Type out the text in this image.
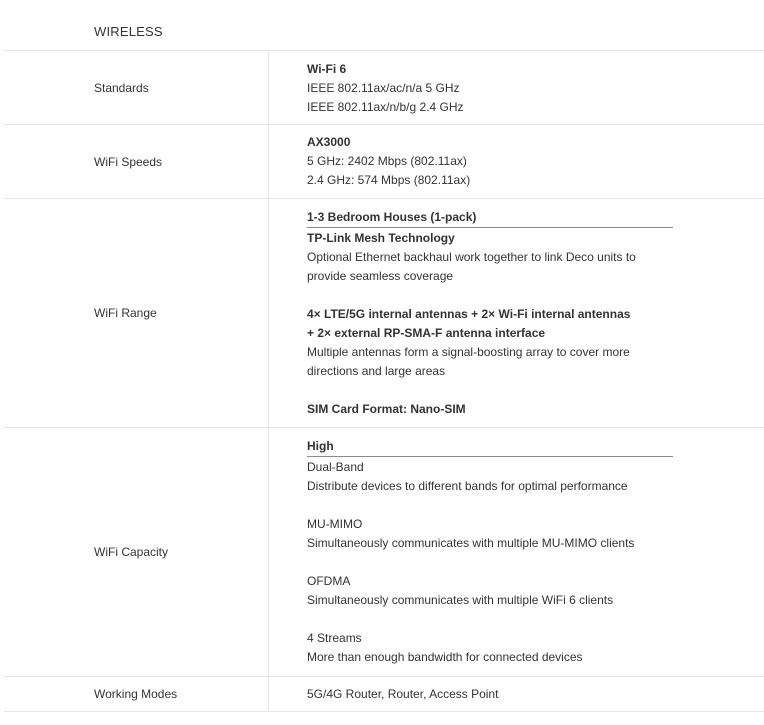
WIRELESS
Standards
Wi-Fi 6
IEEE 802.11ax/ac/n/a 5 GHz
IEEE 802.11ax/n/b/g 2.4 GHz
WiFi Speeds
AX3000
5 GHz: 2402 Mbps (802.11ax)
2.4 GHz: 574 Mbps (802.11ax)
WiFi Range
1-3 Bedroom Houses (1-pack)
TP-Link Mesh Technology
Optional Ethernet backhaul work together to link Deco units to
provide seamless coverage
4× LTE/5G internal antennas + 2× Wi-Fi internal antennas
+ 2× external RP-SMA-F antenna interface
Multiple antennas form a signal-boosting array to cover more
directions and large areas
SIM Card Format: Nano-SIM
WiFi Capacity
High
Dual-Band
Distribute devices to different bands for optimal performance
MU-MIMO
Simultaneously communicates with multiple MU-MIMO clients
OFDMA
Simultaneously communicates with multiple WiFi 6 clients
4 Streams
More than enough bandwidth for connected devices
Working Modes	5G/4G Router, Router, Access Point
